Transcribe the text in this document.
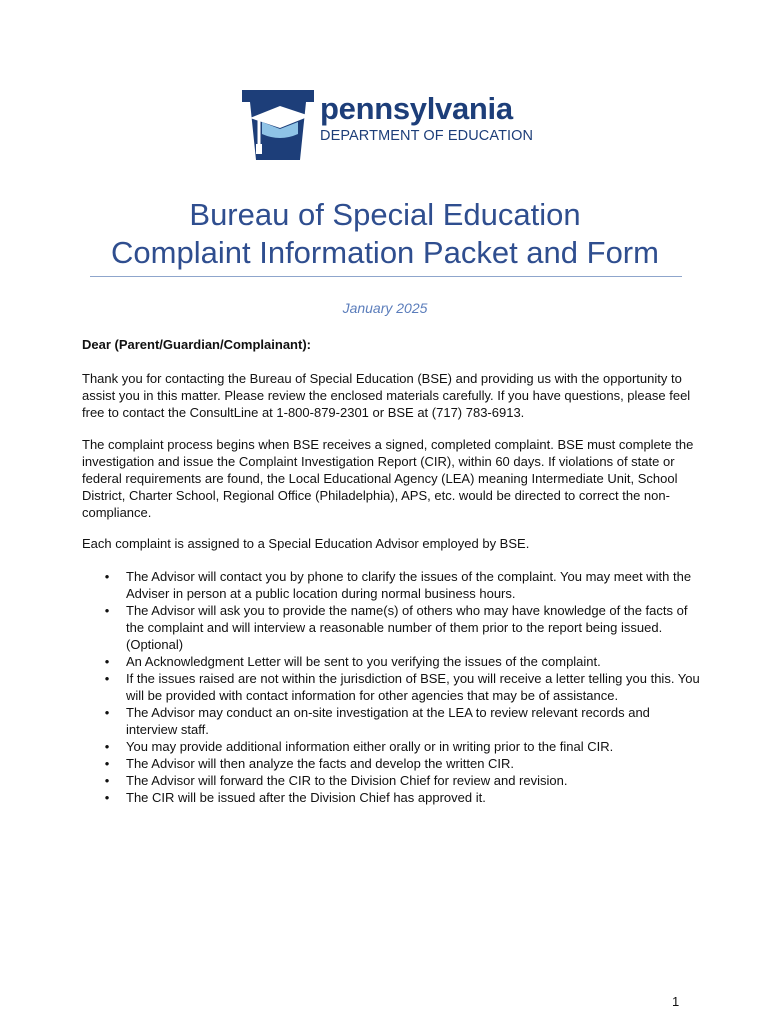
pennsylvania
DEPARTMENT OF EDUCATION
Bureau of Special Education
Complaint Information Packet and Form
January 2025
Dear (Parent/Guardian/Complainant):
Thank you for contacting the Bureau of Special Education (BSE) and providing us with the opportunity to assist you in this matter. Please review the enclosed materials carefully. If you have questions, please feel free to contact the ConsultLine at 1-800-879-2301 or BSE at (717) 783-6913.
The complaint process begins when BSE receives a signed, completed complaint. BSE must complete the investigation and issue the Complaint Investigation Report (CIR), within 60 days. If violations of state or federal requirements are found, the Local Educational Agency (LEA) meaning Intermediate Unit, School District, Charter School, Regional Office (Philadelphia), APS, etc. would be directed to correct the non-compliance.
Each complaint is assigned to a Special Education Advisor employed by BSE.
• The Advisor will contact you by phone to clarify the issues of the complaint. You may meet with the Adviser in person at a public location during normal business hours.
• The Advisor will ask you to provide the name(s) of others who may have knowledge of the facts of the complaint and will interview a reasonable number of them prior to the report being issued. (Optional)
• An Acknowledgment Letter will be sent to you verifying the issues of the complaint.
• If the issues raised are not within the jurisdiction of BSE, you will receive a letter telling you this. You will be provided with contact information for other agencies that may be of assistance.
• The Advisor may conduct an on-site investigation at the LEA to review relevant records and interview staff.
• You may provide additional information either orally or in writing prior to the final CIR.
• The Advisor will then analyze the facts and develop the written CIR.
• The Advisor will forward the CIR to the Division Chief for review and revision.
• The CIR will be issued after the Division Chief has approved it.
1
